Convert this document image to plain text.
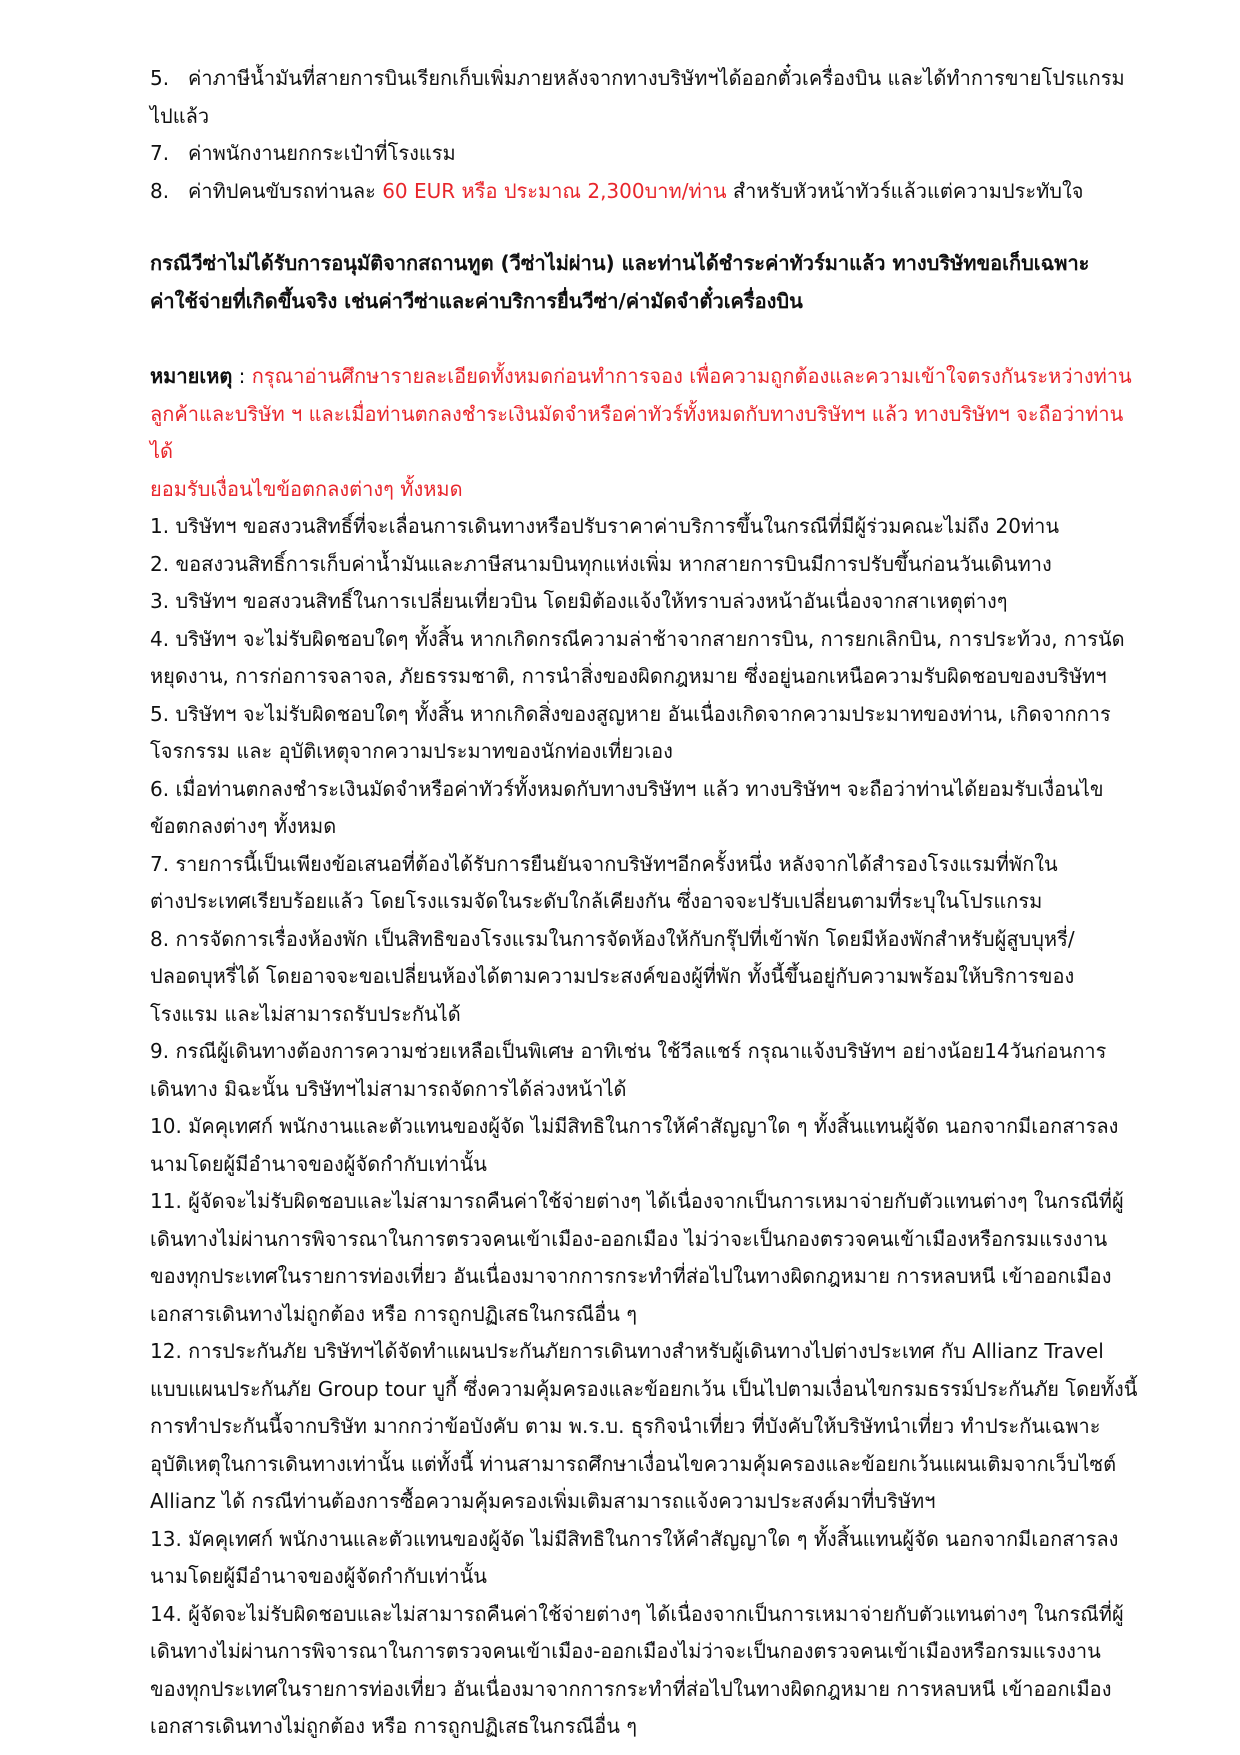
5. ค่าภาษีน้ำมันที่สายการบินเรียกเก็บเพิ่มภายหลังจากทางบริษัทฯได้ออกตั๋วเครื่องบิน และได้ทำการขายโปรแกรม

ไปแล้ว

7. ค่าพนักงานยกกระเป๋าที่โรงแรม

8. ค่าทิปคนขับรถท่านละ 60 EUR หรือ ประมาณ 2,300บาท/ท่าน สำหรับหัวหน้าทัวร์แล้วแต่ความประทับใจ

กรณีวีซ่าไม่ได้รับการอนุมัติจากสถานทูต (วีซ่าไม่ผ่าน) และท่านได้ชำระค่าทัวร์มาแล้ว ทางบริษัทขอเก็บเฉพาะ

ค่าใช้จ่ายที่เกิดขึ้นจริง เช่นค่าวีซ่าและค่าบริการยื่นวีซ่า/ค่ามัดจำตั๋วเครื่องบิน

หมายเหตุ : กรุณาอ่านศึกษารายละเอียดทั้งหมดก่อนทำการจอง เพื่อความถูกต้องและความเข้าใจตรงกันระหว่างท่าน

ลูกค้าและบริษัท ฯ และเมื่อท่านตกลงชำระเงินมัดจำหรือค่าทัวร์ทั้งหมดกับทางบริษัทฯ แล้ว ทางบริษัทฯ จะถือว่าท่านได้

ยอมรับเงื่อนไขข้อตกลงต่างๆ ทั้งหมด

1. บริษัทฯ ขอสงวนสิทธิ์ที่จะเลื่อนการเดินทางหรือปรับราคาค่าบริการขึ้นในกรณีที่มีผู้ร่วมคณะไม่ถึง 20ท่าน

2. ขอสงวนสิทธิ์การเก็บค่าน้ำมันและภาษีสนามบินทุกแห่งเพิ่ม หากสายการบินมีการปรับขึ้นก่อนวันเดินทาง

3. บริษัทฯ ขอสงวนสิทธิ์ในการเปลี่ยนเที่ยวบิน โดยมิต้องแจ้งให้ทราบล่วงหน้าอันเนื่องจากสาเหตุต่างๆ

4. บริษัทฯ จะไม่รับผิดชอบใดๆ ทั้งสิ้น หากเกิดกรณีความล่าช้าจากสายการบิน, การยกเลิกบิน, การประท้วง, การนัด

หยุดงาน, การก่อการจลาจล, ภัยธรรมชาติ, การนำสิ่งของผิดกฎหมาย ซึ่งอยู่นอกเหนือความรับผิดชอบของบริษัทฯ

5. บริษัทฯ จะไม่รับผิดชอบใดๆ ทั้งสิ้น หากเกิดสิ่งของสูญหาย อันเนื่องเกิดจากความประมาทของท่าน, เกิดจากการ

โจรกรรม และ อุบัติเหตุจากความประมาทของนักท่องเที่ยวเอง

6. เมื่อท่านตกลงชำระเงินมัดจำหรือค่าทัวร์ทั้งหมดกับทางบริษัทฯ แล้ว ทางบริษัทฯ จะถือว่าท่านได้ยอมรับเงื่อนไข

ข้อตกลงต่างๆ ทั้งหมด

7. รายการนี้เป็นเพียงข้อเสนอที่ต้องได้รับการยืนยันจากบริษัทฯอีกครั้งหนึ่ง หลังจากได้สำรองโรงแรมที่พักใน

ต่างประเทศเรียบร้อยแล้ว โดยโรงแรมจัดในระดับใกล้เคียงกัน ซึ่งอาจจะปรับเปลี่ยนตามที่ระบุในโปรแกรม

8. การจัดการเรื่องห้องพัก เป็นสิทธิของโรงแรมในการจัดห้องให้กับกรุ๊ปที่เข้าพัก โดยมีห้องพักสำหรับผู้สูบบุหรี่/

ปลอดบุหรี่ได้ โดยอาจจะขอเปลี่ยนห้องได้ตามความประสงค์ของผู้ที่พัก ทั้งนี้ขึ้นอยู่กับความพร้อมให้บริการของ

โรงแรม และไม่สามารถรับประกันได้

9. กรณีผู้เดินทางต้องการความช่วยเหลือเป็นพิเศษ อาทิเช่น ใช้วีลแชร์ กรุณาแจ้งบริษัทฯ อย่างน้อย14วันก่อนการ

เดินทาง มิฉะนั้น บริษัทฯไม่สามารถจัดการได้ล่วงหน้าได้

10. มัคคุเทศก์ พนักงานและตัวแทนของผู้จัด ไม่มีสิทธิในการให้คำสัญญาใด ๆ ทั้งสิ้นแทนผู้จัด นอกจากมีเอกสารลง

นามโดยผู้มีอำนาจของผู้จัดกำกับเท่านั้น

11. ผู้จัดจะไม่รับผิดชอบและไม่สามารถคืนค่าใช้จ่ายต่างๆ ได้เนื่องจากเป็นการเหมาจ่ายกับตัวแทนต่างๆ ในกรณีที่ผู้

เดินทางไม่ผ่านการพิจารณาในการตรวจคนเข้าเมือง-ออกเมือง ไม่ว่าจะเป็นกองตรวจคนเข้าเมืองหรือกรมแรงงาน

ของทุกประเทศในรายการท่องเที่ยว อันเนื่องมาจากการกระทำที่ส่อไปในทางผิดกฎหมาย การหลบหนี เข้าออกเมือง

เอกสารเดินทางไม่ถูกต้อง หรือ การถูกปฏิเสธในกรณีอื่น ๆ

12. การประกันภัย บริษัทฯได้จัดทำแผนประกันภัยการเดินทางสำหรับผู้เดินทางไปต่างประเทศ กับ Allianz Travel

แบบแผนประกันภัย Group tour บูกี้ ซึ่งความคุ้มครองและข้อยกเว้น เป็นไปตามเงื่อนไขกรมธรรม์ประกันภัย โดยทั้งนี้

การทำประกันนี้จากบริษัท มากกว่าข้อบังคับ ตาม พ.ร.บ. ธุรกิจนำเที่ยว ที่บังคับให้บริษัทนำเที่ยว ทำประกันเฉพาะ

อุบัติเหตุในการเดินทางเท่านั้น แต่ทั้งนี้ ท่านสามารถศึกษาเงื่อนไขความคุ้มครองและข้อยกเว้นแผนเติมจากเว็บไซต์

Allianz ได้ กรณีท่านต้องการซื้อความคุ้มครองเพิ่มเติมสามารถแจ้งความประสงค์มาที่บริษัทฯ

13. มัคคุเทศก์ พนักงานและตัวแทนของผู้จัด ไม่มีสิทธิในการให้คำสัญญาใด ๆ ทั้งสิ้นแทนผู้จัด นอกจากมีเอกสารลง

นามโดยผู้มีอำนาจของผู้จัดกำกับเท่านั้น

14. ผู้จัดจะไม่รับผิดชอบและไม่สามารถคืนค่าใช้จ่ายต่างๆ ได้เนื่องจากเป็นการเหมาจ่ายกับตัวแทนต่างๆ ในกรณีที่ผู้

เดินทางไม่ผ่านการพิจารณาในการตรวจคนเข้าเมือง-ออกเมืองไม่ว่าจะเป็นกองตรวจคนเข้าเมืองหรือกรมแรงงาน

ของทุกประเทศในรายการท่องเที่ยว อันเนื่องมาจากการกระทำที่ส่อไปในทางผิดกฎหมาย การหลบหนี เข้าออกเมือง

เอกสารเดินทางไม่ถูกต้อง หรือ การถูกปฏิเสธในกรณีอื่น ๆ
